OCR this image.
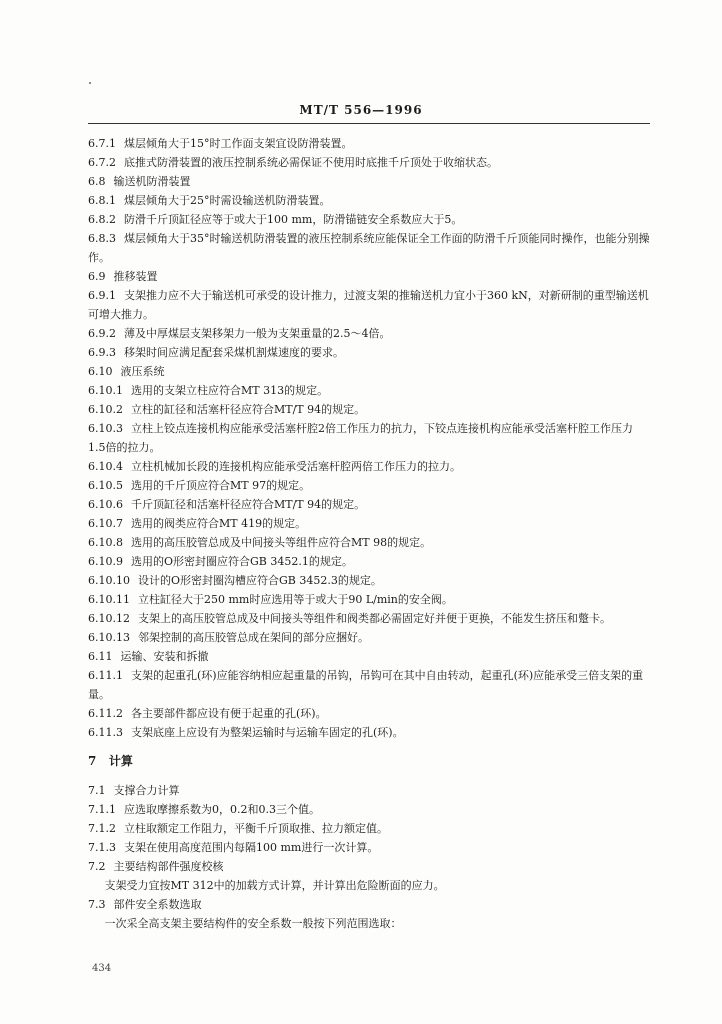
MT/T 556—1996

6.7.1 煤层倾角大于15°时工作面支架宜设防滑装置。

6.7.2 底推式防滑装置的液压控制系统必需保证不使用时底推千斤顶处于收缩状态。

6.8 输送机防滑装置

6.8.1 煤层倾角大于25°时需设输送机防滑装置。

6.8.2 防滑千斤顶缸径应等于或大于100 mm，防滑锚链安全系数应大于5。

6.8.3 煤层倾角大于35°时输送机防滑装置的液压控制系统应能保证全工作面的防滑千斤顶能同时操作，也能分别操作。

6.9 推移装置

6.9.1 支架推力应不大于输送机可承受的设计推力，过渡支架的推输送机力宜小于360 kN，对新研制的重型输送机可增大推力。

6.9.2 薄及中厚煤层支架移架力一般为支架重量的2.5～4倍。

6.9.3 移架时间应满足配套采煤机割煤速度的要求。

6.10 液压系统

6.10.1 选用的支架立柱应符合MT 313的规定。

6.10.2 立柱的缸径和活塞杆径应符合MT/T 94的规定。

6.10.3 立柱上铰点连接机构应能承受活塞杆腔2倍工作压力的抗力，下铰点连接机构应能承受活塞杆腔工作压力1.5倍的拉力。

6.10.4 立柱机械加长段的连接机构应能承受活塞杆腔两倍工作压力的拉力。

6.10.5 选用的千斤顶应符合MT 97的规定。

6.10.6 千斤顶缸径和活塞杆径应符合MT/T 94的规定。

6.10.7 选用的阀类应符合MT 419的规定。

6.10.8 选用的高压胶管总成及中间接头等组件应符合MT 98的规定。

6.10.9 选用的O形密封圈应符合GB 3452.1的规定。

6.10.10 设计的O形密封圈沟槽应符合GB 3452.3的规定。

6.10.11 立柱缸径大于250 mm时应选用等于或大于90 L/min的安全阀。

6.10.12 支架上的高压胶管总成及中间接头等组件和阀类都必需固定好并便于更换，不能发生挤压和蹩卡。

6.10.13 邻架控制的高压胶管总成在架间的部分应捆好。

6.11 运输、安装和拆撤

6.11.1 支架的起重孔(环)应能容纳相应起重量的吊钩，吊钩可在其中自由转动，起重孔(环)应能承受三倍支架的重量。

6.11.2 各主要部件都应设有便于起重的孔(环)。

6.11.3 支架底座上应设有为整架运输时与运输车固定的孔(环)。

7 计算

7.1 支撑合力计算

7.1.1 应选取摩擦系数为0，0.2和0.3三个值。

7.1.2 立柱取额定工作阻力，平衡千斤顶取推、拉力额定值。

7.1.3 支架在使用高度范围内每隔100 mm进行一次计算。

7.2 主要结构部件强度校核

支架受力宜按MT 312中的加载方式计算，并计算出危险断面的应力。

7.3 部件安全系数选取

一次采全高支架主要结构件的安全系数一般按下列范围选取：

434
